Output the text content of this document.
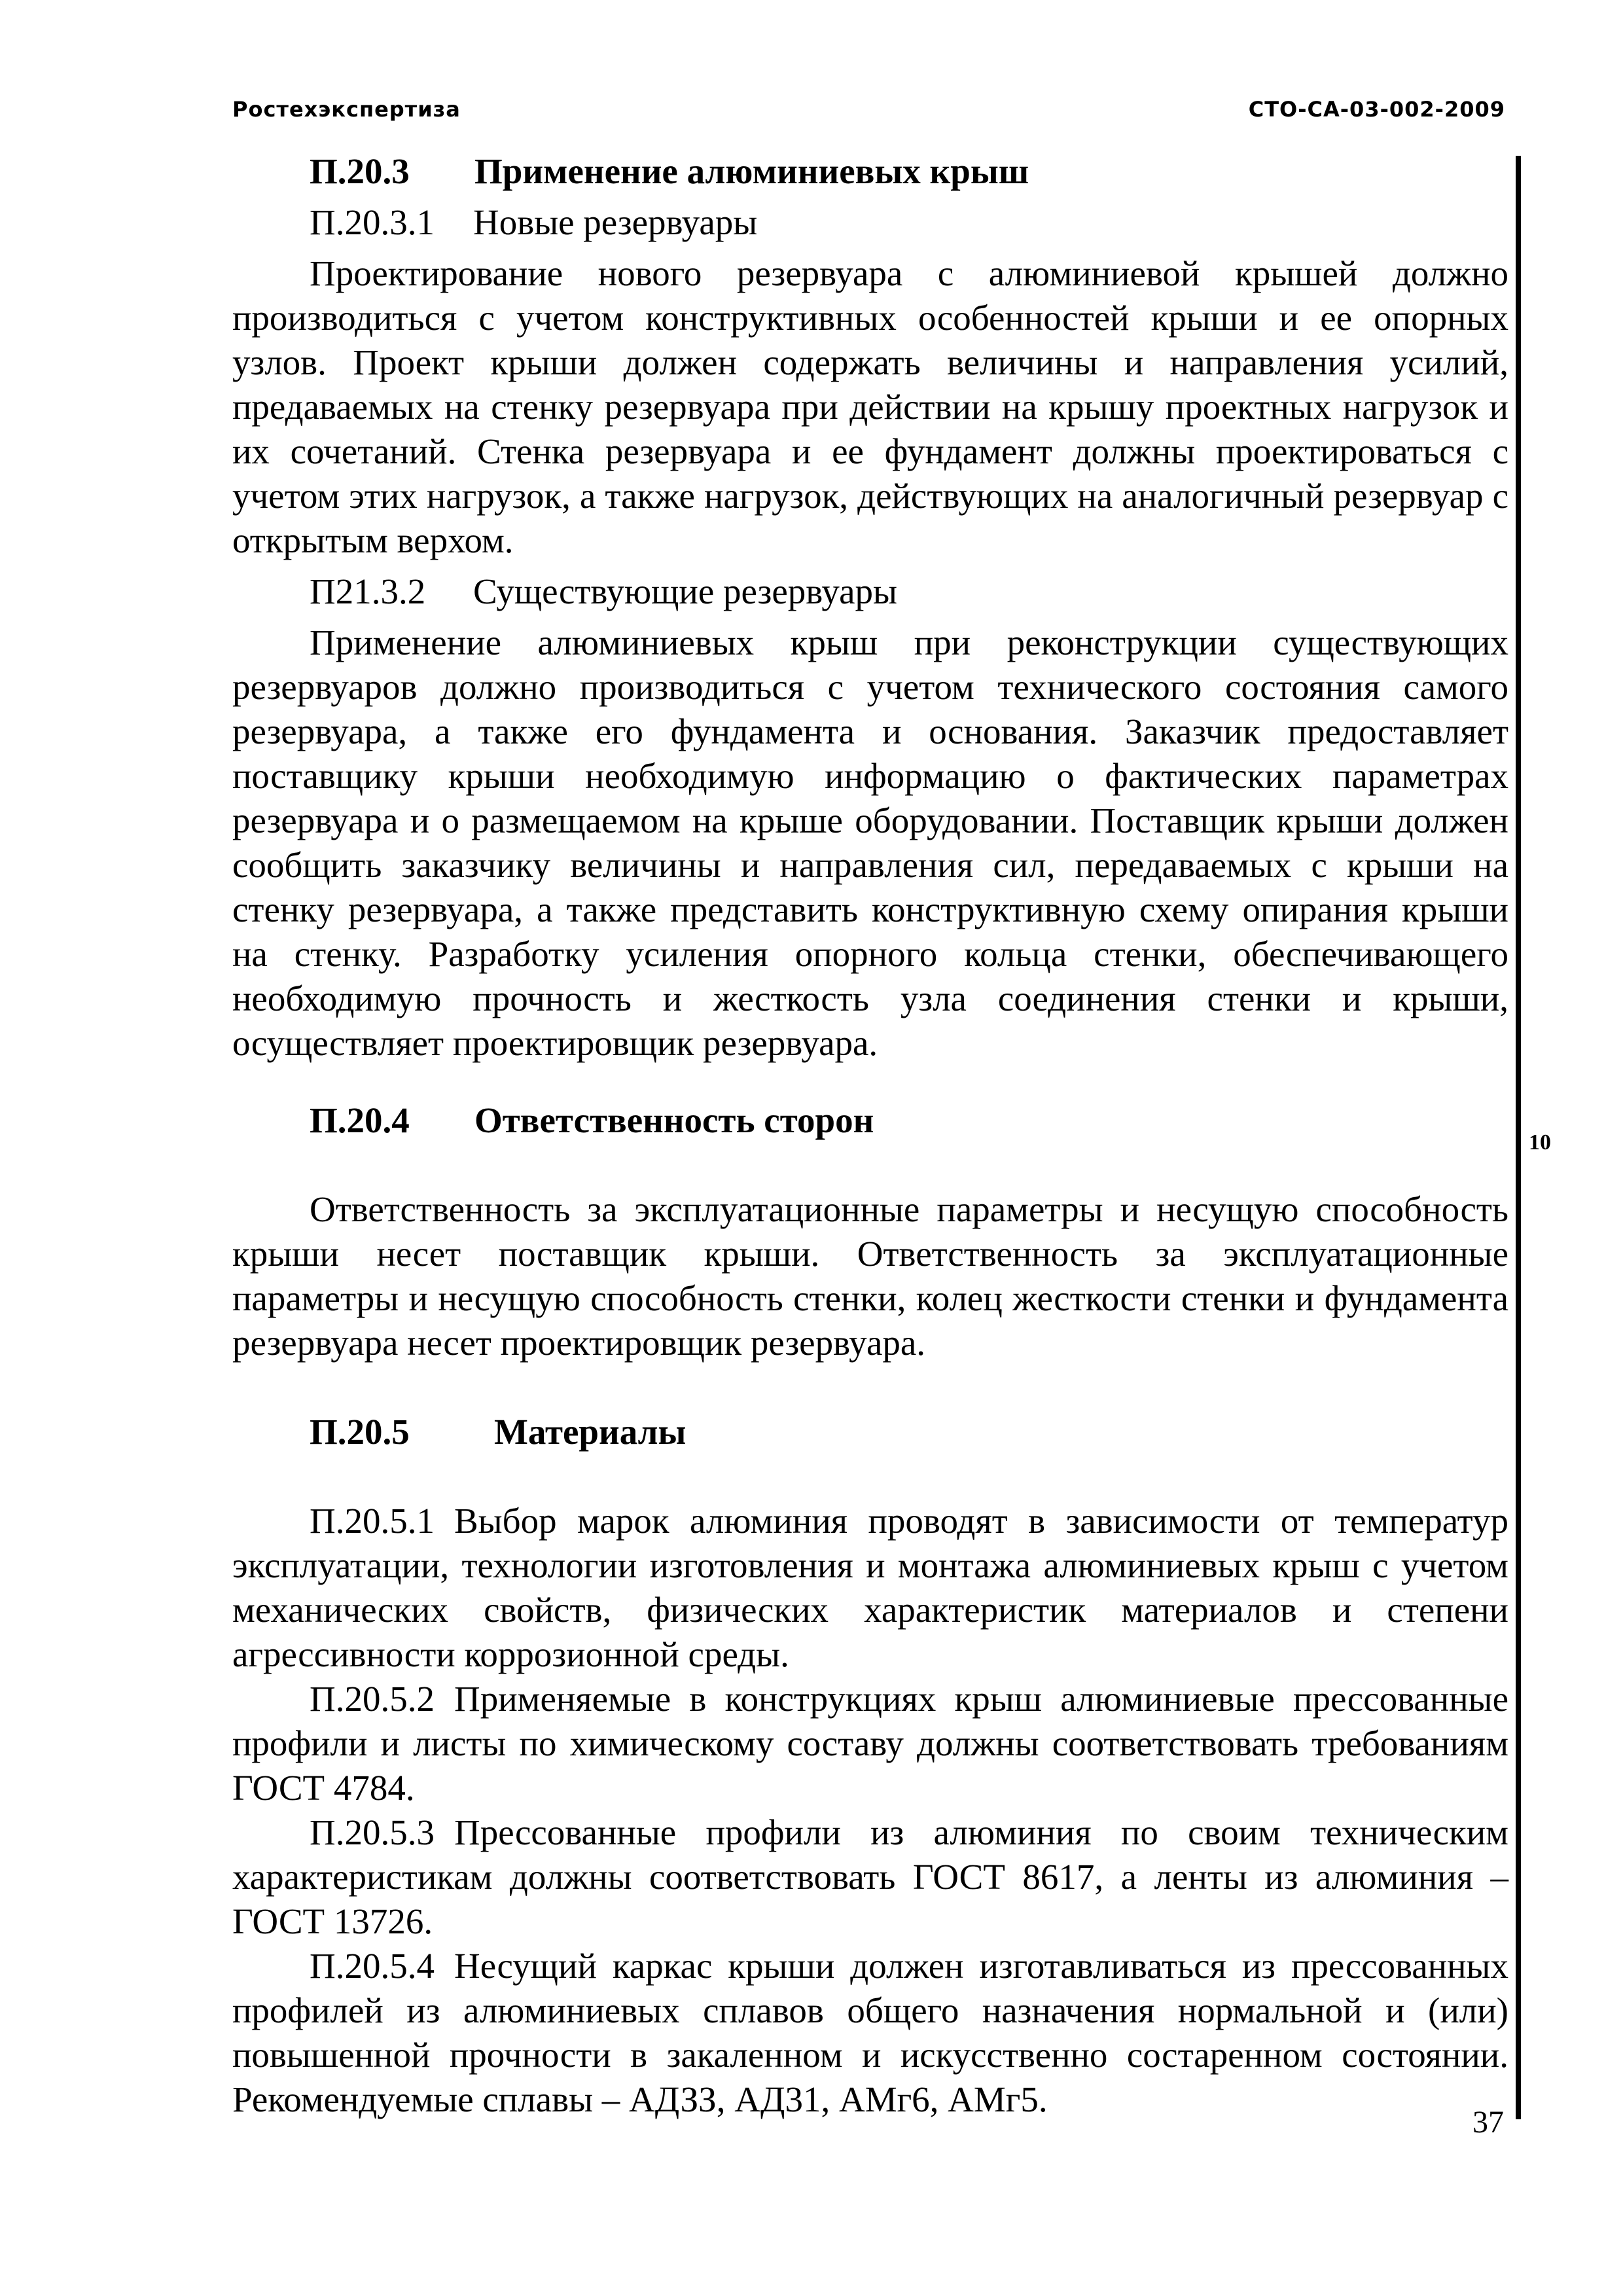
Ростехэкспертиза	СТО-СА-03-002-2009
10
П.20.3 Применение алюминиевых крыш
П.20.3.1 Новые резервуары

Проектирование нового резервуара с алюминиевой крышей должно производиться с учетом конструктивных особенностей крыши и ее опорных узлов. Проект крыши должен содержать величины и направления усилий, предаваемых на стенку резервуара при действии на крышу проектных нагрузок и их сочетаний. Стенка резервуара и ее фундамент должны проектироваться с учетом этих нагрузок, а также нагрузок, действующих на аналогичный резервуар с открытым верхом.

П21.3.2 Существующие резервуары

Применение алюминиевых крыш при реконструкции существующих резервуаров должно производиться с учетом технического состояния самого резервуара, а также его фундамента и основания. Заказчик предоставляет поставщику крыши необходимую информацию о фактических параметрах резервуара и о размещаемом на крыше оборудовании. Поставщик крыши должен сообщить заказчику величины и направления сил, передаваемых с крыши на стенку резервуара, а также представить конструктивную схему опирания крыши на стенку. Разработку усиления опорного кольца стенки, обеспечивающего необходимую прочность и жесткость узла соединения стенки и крыши, осуществляет проектировщик резервуара.

П.20.4 Ответственность сторон

Ответственность за эксплуатационные параметры и несущую способность крыши несет поставщик крыши. Ответственность за эксплуатационные параметры и несущую способность стенки, колец жесткости стенки и фундамента резервуара несет проектировщик резервуара.

П.20.5 Материалы

П.20.5.1 Выбор марок алюминия проводят в зависимости от температур эксплуатации, технологии изготовления и монтажа алюминиевых крыш с учетом механических свойств, физических характеристик материалов и степени агрессивности коррозионной среды.

П.20.5.2 Применяемые в конструкциях крыш алюминиевые прессованные профили и листы по химическому составу должны соответствовать требованиям ГОСТ 4784.

П.20.5.3 Прессованные профили из алюминия по своим техническим характеристикам должны соответствовать ГОСТ 8617, а ленты из алюминия – ГОСТ 13726.

П.20.5.4 Несущий каркас крыши должен изготавливаться из прессованных профилей из алюминиевых сплавов общего назначения нормальной и (или) повышенной прочности в закаленном и искусственно состаренном состоянии. Рекомендуемые сплавы – АДЗЗ, АД31, АМг6, АМг5.

37
